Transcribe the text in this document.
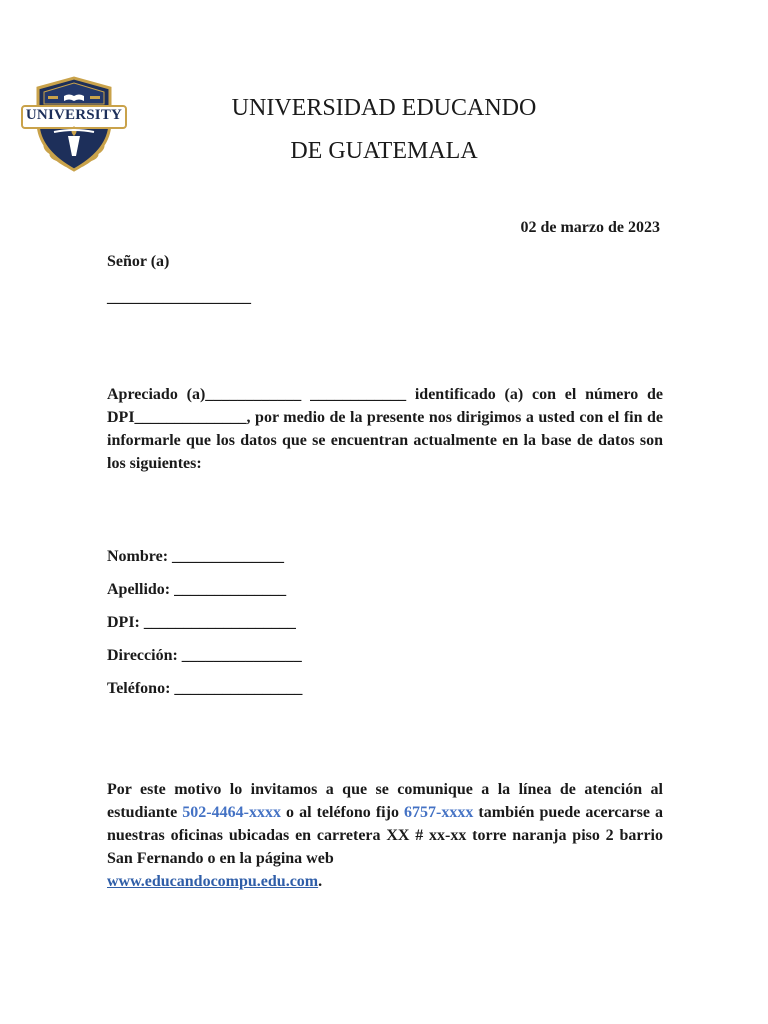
UNIVERSITY	UNIVERSIDAD EDUCANDO
DE GUATEMALA
02 de marzo de 2023
Señor (a)
__________________
Apreciado (a)____________ ____________ identificado (a) con el número de DPI______________, por medio de la presente nos dirigimos a usted con el fin de informarle que los datos que se encuentran actualmente en la base de datos son los siguientes:

Nombre: ______________

Apellido: ______________

DPI: ___________________

Dirección: _______________

Teléfono: ________________

Por este motivo lo invitamos a que se comunique a la línea de atención al estudiante 502-4464-xxxx o al teléfono fijo 6757-xxxx también puede acercarse a nuestras oficinas ubicadas en carretera XX # xx-xx torre naranja piso 2 barrio San Fernando o en la página web
www.educandocompu.edu.com.
